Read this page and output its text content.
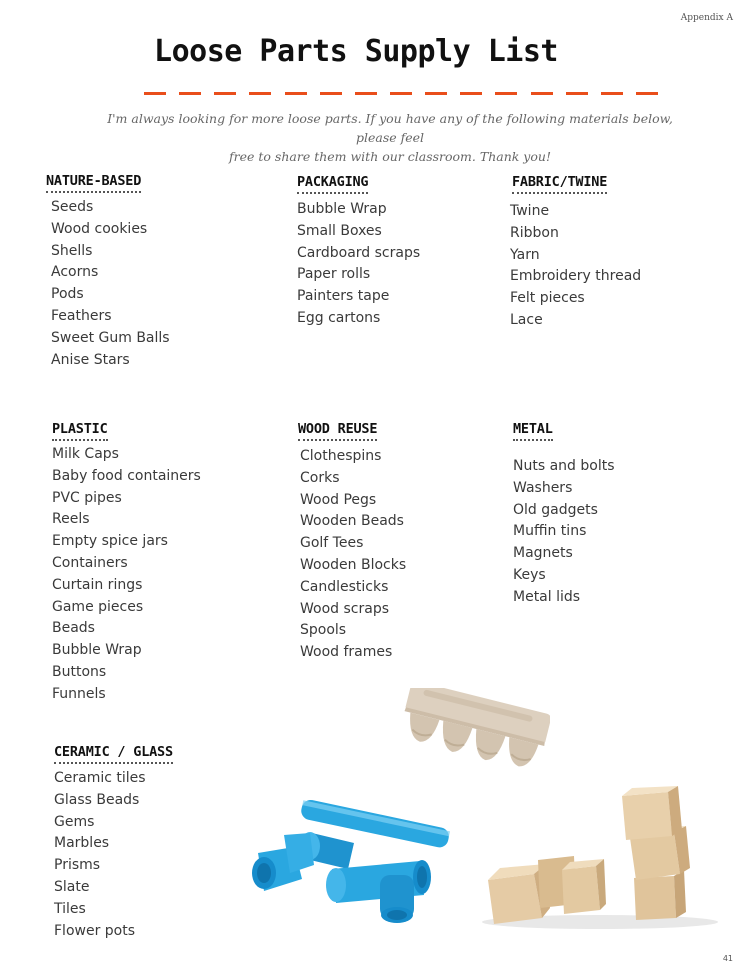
Appendix A
Loose Parts Supply List
I'm always looking for more loose parts. If you have any of the following materials below, please feel
free to share them with our classroom. Thank you!
NATURE-BASED
Seeds
Wood cookies
Shells
Acorns
Pods
Feathers
Sweet Gum Balls
Anise Stars
PACKAGING
Bubble Wrap
Small Boxes
Cardboard scraps
Paper rolls
Painters tape
Egg cartons
FABRIC/TWINE
Twine
Ribbon
Yarn
Embroidery thread
Felt pieces
Lace
PLASTIC
Milk Caps
Baby food containers
PVC pipes
Reels
Empty spice jars
Containers
Curtain rings
Game pieces
Beads
Bubble Wrap
Buttons
Funnels
WOOD REUSE
Clothespins
Corks
Wood Pegs
Wooden Beads
Golf Tees
Wooden Blocks
Candlesticks
Wood scraps
Spools
Wood frames
METAL
Nuts and bolts
Washers
Old gadgets
Muffin tins
Magnets
Keys
Metal lids
CERAMIC / GLASS
Ceramic tiles
Glass Beads
Gems
Marbles
Prisms
Slate
Tiles
Flower pots
41
